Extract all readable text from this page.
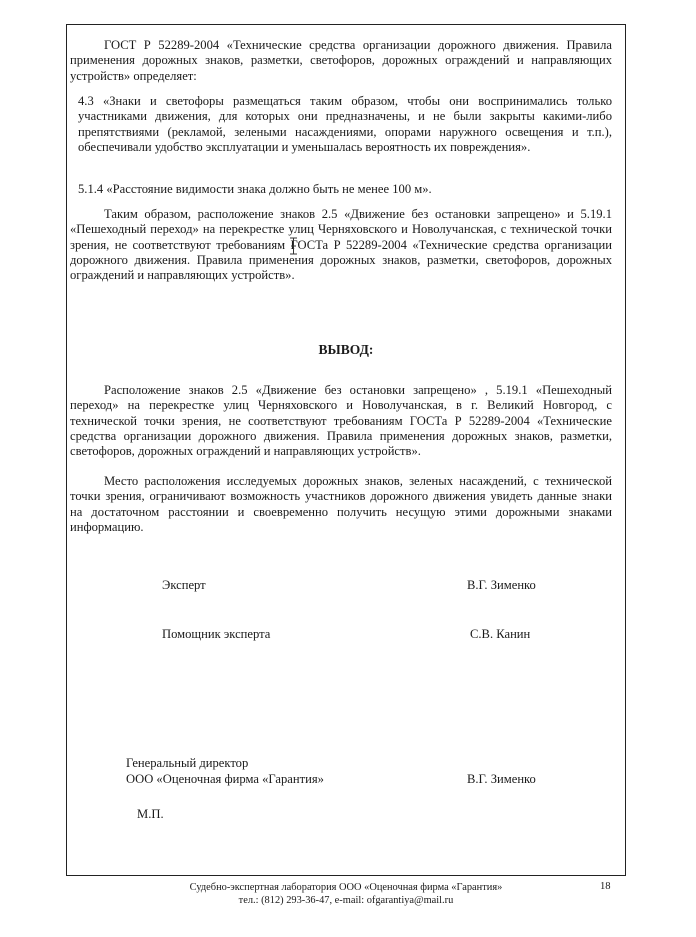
ГОСТ Р 52289-2004 «Технические средства организации дорожного движения. Правила применения дорожных знаков, разметки, светофоров, дорожных ограждений и направляющих устройств» определяет:

4.3 «Знаки и светофоры размещаться таким образом, чтобы они воспринимались только участниками движения, для которых они предназначены, и не были закрыты какими-либо препятствиями (рекламой, зелеными насаждениями, опорами наружного освещения и т.п.), обеспечивали удобство эксплуатации и уменьшалась вероятность их повреждения».

5.1.4 «Расстояние видимости знака должно быть не менее 100 м».

Таким образом, расположение знаков 2.5 «Движение без остановки запрещено» и 5.19.1 «Пешеходный переход» на перекрестке улиц Черняховского и Новолучанская, с технической точки зрения, не соответствуют требованиям ГОСТа Р 52289-2004 «Технические средства организации дорожного движения. Правила применения дорожных знаков, разметки, светофоров, дорожных ограждений и направляющих устройств».

ВЫВОД:

Расположение знаков 2.5 «Движение без остановки запрещено» , 5.19.1 «Пешеходный переход» на перекрестке улиц Черняховского и Новолучанская, в г. Великий Новгород, с технической точки зрения, не соответствуют требованиям ГОСТа Р 52289-2004 «Технические средства организации дорожного движения. Правила применения дорожных знаков, разметки, светофоров, дорожных ограждений и направляющих устройств».

Место расположения исследуемых дорожных знаков, зеленых насаждений, с технической точки зрения, ограничивают возможность участников дорожного движения увидеть данные знаки на достаточном расстоянии и своевременно получить несущую этими дорожными знаками информацию.

Эксперт	В.Г. Зименко

Помощник эксперта	С.В. Канин

Генеральный директор

ООО «Оценочная фирма «Гарантия»	В.Г. Зименко

М.П.

Судебно-экспертная лаборатория ООО «Оценочная фирма «Гарантия»

тел.: (812) 293-36-47, e-mail: ofgarantiya@mail.ru

18
